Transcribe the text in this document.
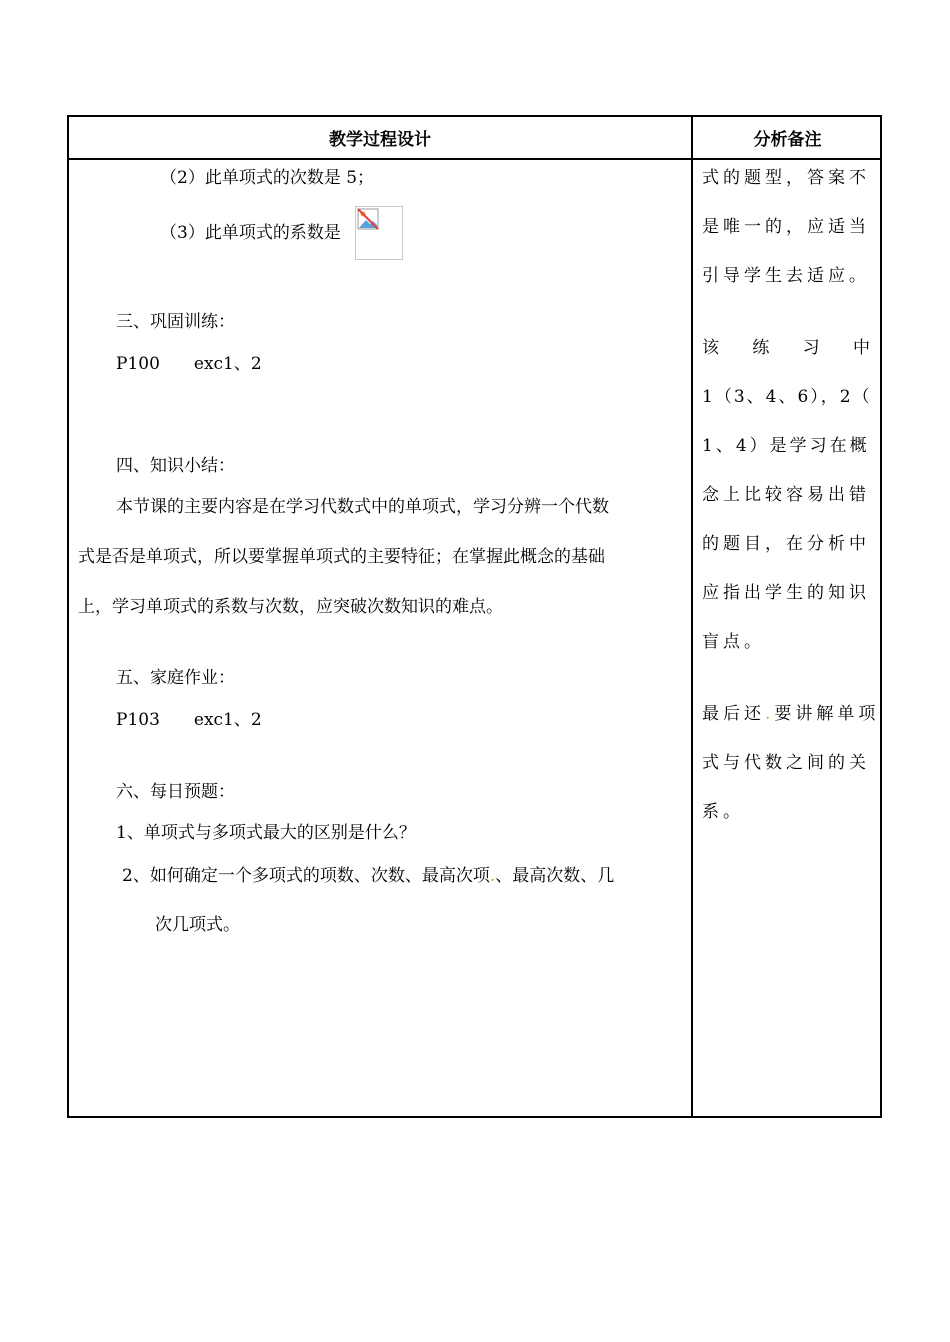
教学过程设计	分析备注
（2）此单项式的次数是 5；
（3）此单项式的系数是
三、巩固训练：
P100　　exc1、2
四、知识小结：
本节课的主要内容是在学习代数式中的单项式，学习分辨一个代数
式是否是单项式，所以要掌握单项式的主要特征；在掌握此概念的基础
上，学习单项式的系数与次数，应突破次数知识的难点。
五、家庭作业：
P103　　exc1、2
六、每日预题：
1、单项式与多项式最大的区别是什么？
2、如何确定一个多项式的项数、次数、最高次项.、最高次数、几
次几项式。
式的题型，答案不
是唯一的，应适当
引导学生去适应。
该 练 习 中
1（3、4、6），2（
1、4）是学习在概
念上比较容易出错
的题目，在分析中
应指出学生的知识
盲点。
最后还.要讲解单项
式与代数之间的关
系。
